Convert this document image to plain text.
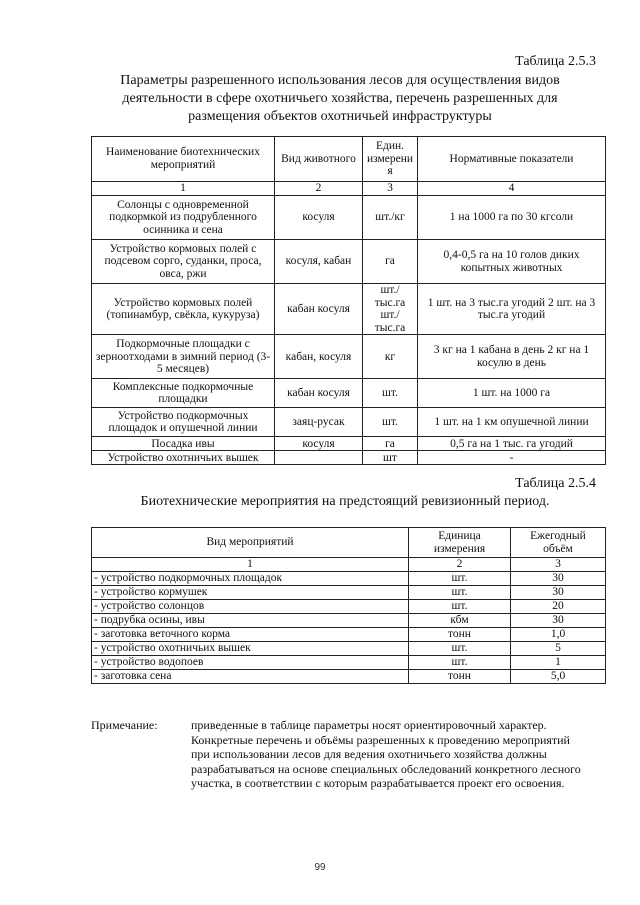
Таблица 2.5.3
Параметры разрешенного использования лесов для осуществления видов деятельности в сфере охотничьего хозяйства, перечень разрешенных для размещения объектов охотничьей инфраструктуры
Наименование биотехнических мероприятий	Вид животного	Един. измерени я	Нормативные показатели
1	2	3	4
Солонцы с одновременной подкормкой из подрубленного осинника и сена	косуля	шт./кг	1 на 1000 га по 30 кгсоли
Устройство кормовых полей с подсевом сорго, суданки, проса, овса, ржи	косуля, кабан	га	0,4-0,5 га на 10 голов диких копытных животных
Устройство кормовых полей (топинамбур, свёкла, кукуруза)	кабан косуля	шт./тыс.га шт./тыс.га	1 шт. на 3 тыс.га угодий 2 шт. на 3 тыс.га угодий
Подкормочные площадки с зерноотходами в зимний период (3-5 месяцев)	кабан, косуля	кг	3 кг на 1 кабана в день 2 кг на 1 косулю в день
Комплексные подкормочные площадки	кабан косуля	шт.	1 шт. на 1000 га
Устройство подкормочных площадок и опушечной линии	заяц-русак	шт.	1 шт. на 1 км опушечной линии
Посадка ивы	косуля	га	0,5 га на 1 тыс. га угодий
Устройство охотничьих вышек		шт	-
Таблица 2.5.4
Биотехнические мероприятия на предстоящий ревизионный период.
Вид мероприятий	Единица измерения	Ежегодный объём
1	2	3
- устройство подкормочных площадок	шт.	30
- устройство кормушек	шт.	30
- устройство солонцов	шт.	20
- подрубка осины, ивы	кбм	30
- заготовка веточного корма	тонн	1,0
- устройство охотничьих вышек	шт.	5
- устройство водопоев	шт.	1
- заготовка сена	тонн	5,0
Примечание:	приведенные в таблице параметры носят ориентировочный характер. Конкретные перечень и объёмы разрешенных к проведению мероприятий при использовании лесов для ведения охотничьего хозяйства должны разрабатываться на основе специальных обследований конкретного лесного участка, в соответствии с которым разрабатывается проект его освоения.
99
